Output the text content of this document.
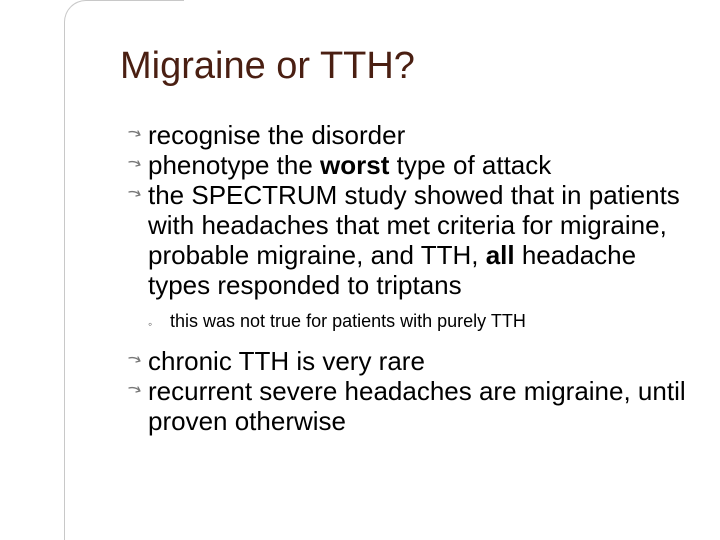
Migraine or TTH?
recognise the disorder
phenotype the worst type of attack
the SPECTRUM study showed that in patients with headaches that met criteria for migraine, probable migraine, and TTH, all headache types responded to triptans
◦ this was not true for patients with purely TTH
chronic TTH is very rare
recurrent severe headaches are migraine, until proven otherwise
